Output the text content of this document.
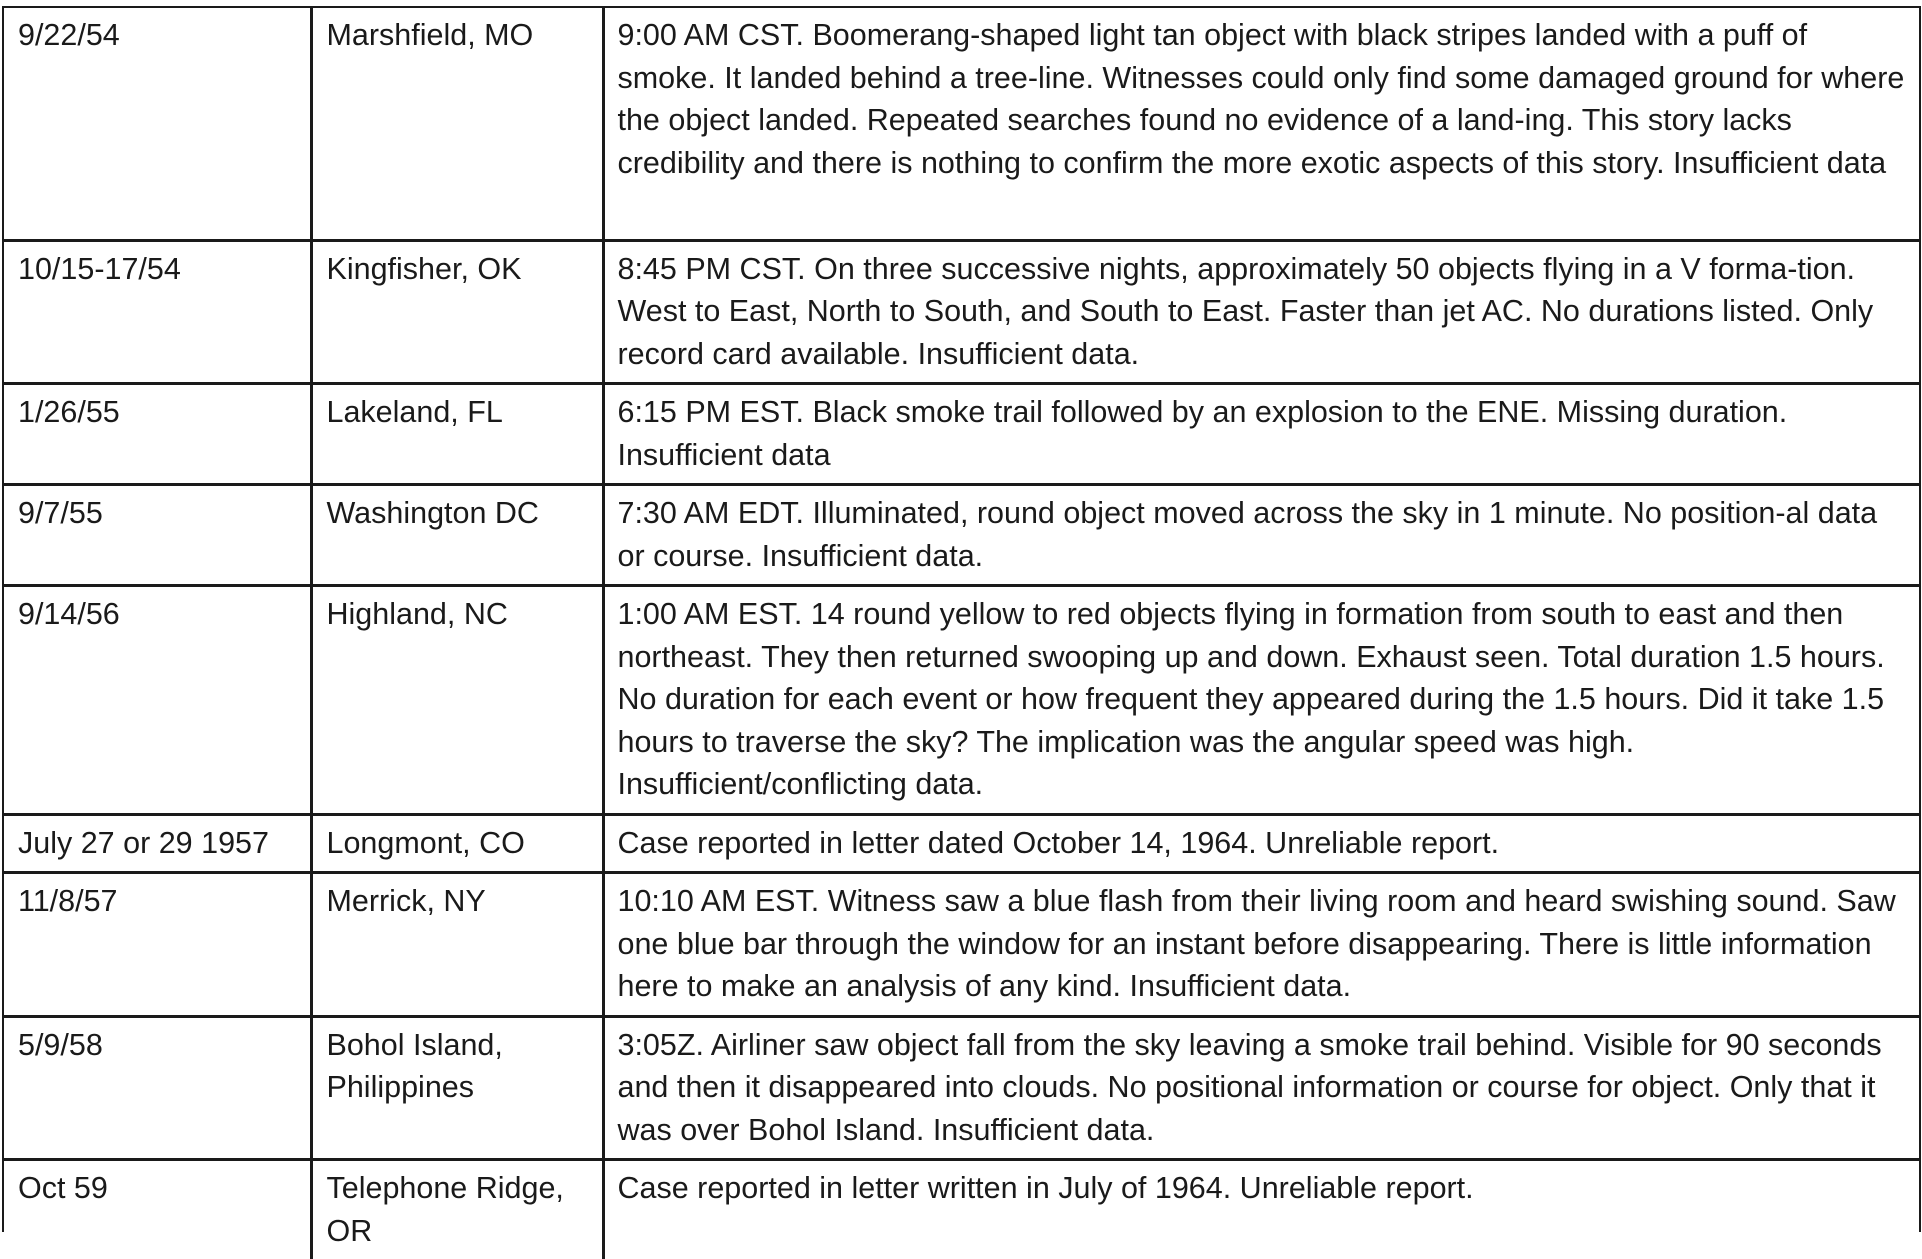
9/22/54	Marshfield, MO	9:00 AM CST. Boomerang-shaped light tan object with black stripes landed with a puff of smoke. It landed behind a tree-line. Witnesses could only find some damaged ground for where the object landed. Repeated searches found no evidence of a land-ing. This story lacks credibility and there is nothing to confirm the more exotic aspects of this story. Insufficient data
10/15-17/54	Kingfisher, OK	8:45 PM CST. On three successive nights, approximately 50 objects flying in a V forma-tion. West to East, North to South, and South to East. Faster than jet AC. No durations listed. Only record card available. Insufficient data.
1/26/55	Lakeland, FL	6:15 PM EST. Black smoke trail followed by an explosion to the ENE. Missing duration. Insufficient data
9/7/55	Washington DC	7:30 AM EDT. Illuminated, round object moved across the sky in 1 minute. No position-al data or course. Insufficient data.
9/14/56	Highland, NC	1:00 AM EST. 14 round yellow to red objects flying in formation from south to east and then northeast. They then returned swooping up and down. Exhaust seen. Total duration 1.5 hours. No duration for each event or how frequent they appeared during the 1.5 hours. Did it take 1.5 hours to traverse the sky? The implication was the angular speed was high. Insufficient/conflicting data.
July 27 or 29 1957	Longmont, CO	Case reported in letter dated October 14, 1964. Unreliable report.
11/8/57	Merrick, NY	10:10 AM EST. Witness saw a blue flash from their living room and heard swishing sound. Saw one blue bar through the window for an instant before disappearing. There is little information here to make an analysis of any kind. Insufficient data.
5/9/58	Bohol Island, Philippines	3:05Z. Airliner saw object fall from the sky leaving a smoke trail behind. Visible for 90 seconds and then it disappeared into clouds. No positional information or course for object. Only that it was over Bohol Island. Insufficient data.
Oct 59	Telephone Ridge, OR	Case reported in letter written in July of 1964. Unreliable report.
